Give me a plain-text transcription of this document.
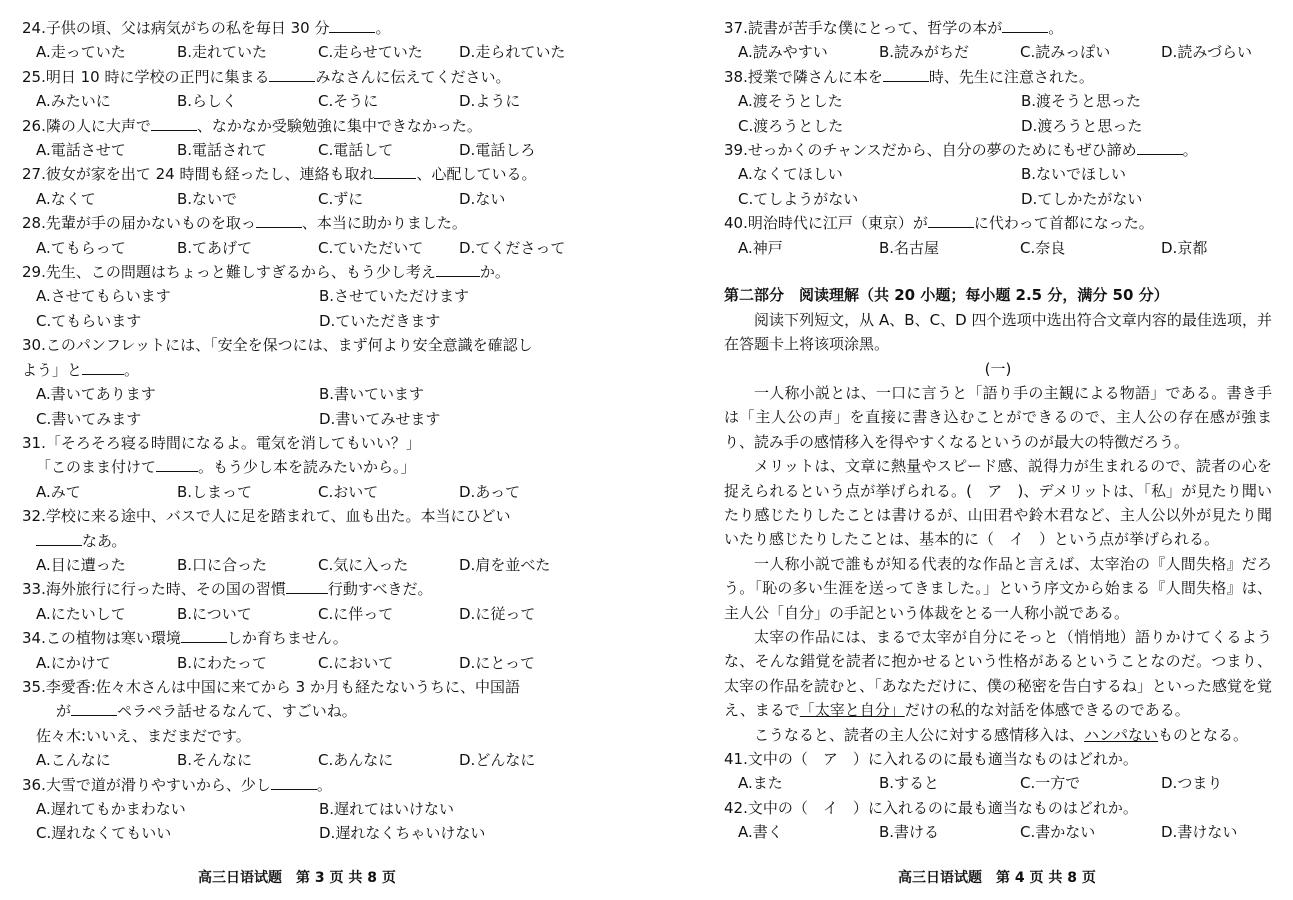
24.子供の頃、父は病気がちの私を毎日 30 分	。
A.走っていた	B.走れていた	C.走らせていた	D.走られていた
25.明日 10 時に学校の正門に集まる	みなさんに伝えてください。
A.みたいに	B.らしく	C.そうに	D.ように
26.隣の人に大声で	、なかなか受験勉強に集中できなかった。
A.電話させて	B.電話されて	C.電話して	D.電話しろ
27.彼女が家を出て 24 時間も経ったし、連絡も取れ	、心配している。
A.なくて	B.ないで	C.ずに	D.ない
28.先輩が手の届かないものを取っ	、本当に助かりました。
A.てもらって	B.てあげて	C.ていただいて	D.てくださって
29.先生、この問題はちょっと難しすぎるから、もう少し考え	か。
A.させてもらいます	B.させていただけます
C.てもらいます	D.ていただきます
30.このパンフレットには、「安全を保つには、まず何より安全意識を確認し
よう」と	。
A.書いてあります	B.書いています
C.書いてみます	D.書いてみせます
31.「そろそろ寝る時間になるよ。電気を消してもいい？」
「このまま付けて	。もう少し本を読みたいから。」
A.みて	B.しまって	C.おいて	D.あって
32.学校に来る途中、バスで人に足を踏まれて、血も出た。本当にひどい
なあ。
A.目に遭った	B.口に合った	C.気に入った	D.肩を並べた
33.海外旅行に行った時、その国の習慣	行動すべきだ。
A.にたいして	B.について	C.に伴って	D.に従って
34.この植物は寒い環境	しか育ちません。
A.にかけて	B.にわたって	C.において	D.にとって
35.李愛香:佐々木さんは中国に来てから 3 か月も経たないうちに、中国語
が	ペラペラ話せるなんて、すごいね。
佐々木:いいえ、まだまだです。
A.こんなに	B.そんなに	C.あんなに	D.どんなに
36.大雪で道が滑りやすいから、少し	。
A.遅れてもかまわない	B.遅れてはいけない
C.遅れなくてもいい	D.遅れなくちゃいけない
37.読書が苦手な僕にとって、哲学の本が	。
A.読みやすい	B.読みがちだ	C.読みっぽい	D.読みづらい
38.授業で隣さんに本を	時、先生に注意された。
A.渡そうとした	B.渡そうと思った
C.渡ろうとした	D.渡ろうと思った
39.せっかくのチャンスだから、自分の夢のためにもぜひ諦め	。
A.なくてほしい	B.ないでほしい
C.てしようがない	D.てしかたがない
40.明治時代に江戸（東京）が	に代わって首都になった。
A.神戸	B.名古屋	C.奈良	D.京都
第二部分　阅读理解（共 20 小题；每小题 2.5 分，满分 50 分）
阅读下列短文，从 A、B、C、D 四个选项中选出符合文章内容的最佳选项，并在答题卡上将该项涂黑。
(一)
一人称小説とは、一口に言うと「語り手の主観による物語」である。書き手は「主人公の声」を直接に書き込むことができるので、主人公の存在感が強まり、読み手の感情移入を得やすくなるというのが最大の特徴だろう。
メリットは、文章に熱量やスピード感、説得力が生まれるので、読者の心を捉えられるという点が挙げられる。(　ア　)、デメリットは、「私」が見たり聞いたり感じたりしたことは書けるが、山田君や鈴木君など、主人公以外が見たり聞いたり感じたりしたことは、基本的に（　イ　）という点が挙げられる。
一人称小説で誰もが知る代表的な作品と言えば、太宰治の『人間失格』だろう。「恥の多い生涯を送ってきました。」という序文から始まる『人間失格』は、主人公「自分」の手記という体裁をとる一人称小説である。
太宰の作品には、まるで太宰が自分にそっと（悄悄地）語りかけてくるような、そんな錯覚を読者に抱かせるという性格があるということなのだ。つまり、太宰の作品を読むと、「あなただけに、僕の秘密を告白するね」といった感覚を覚え、まるで「太宰と自分」だけの私的な対話を体感できるのである。
こうなると、読者の主人公に対する感情移入は、ハンパないものとなる。
41.文中の（　ア　）に入れるのに最も適当なものはどれか。
A.また	B.すると	C.一方で	D.つまり
42.文中の（　イ　）に入れるのに最も適当なものはどれか。
A.書く	B.書ける	C.書かない	D.書けない
高三日语试题　第 3 页 共 8 页	高三日语试题　第 4 页 共 8 页
